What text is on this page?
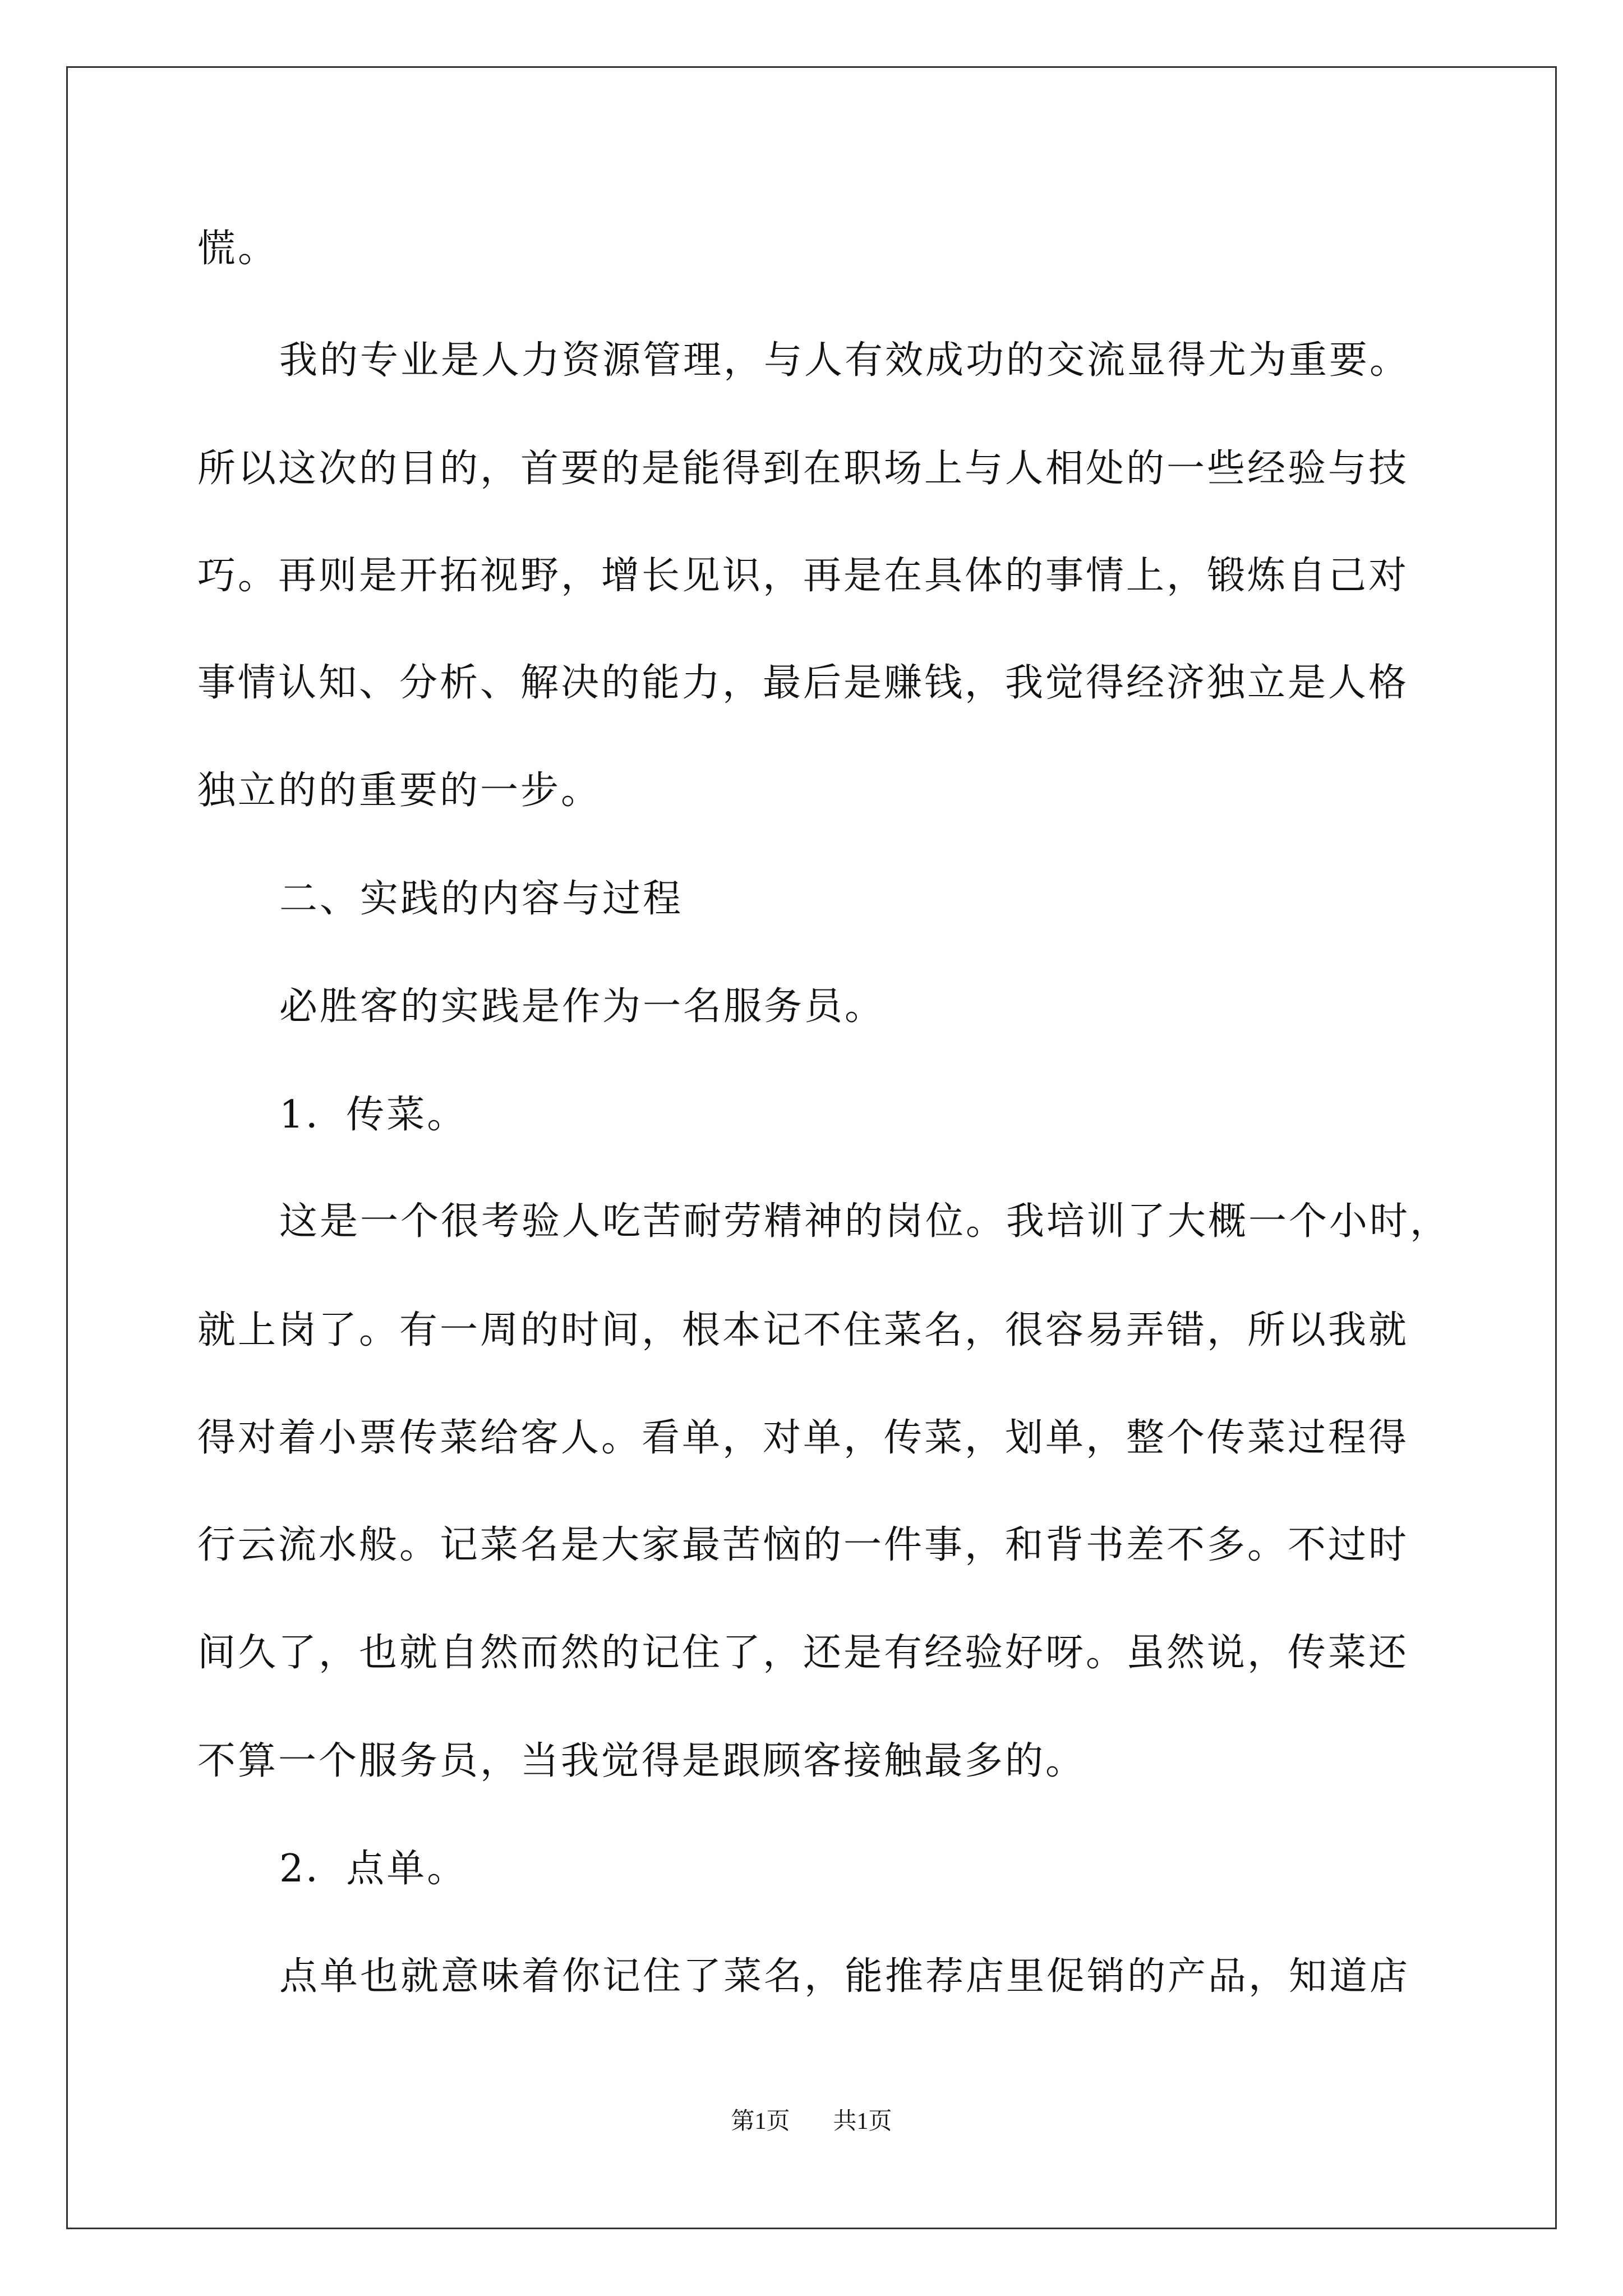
慌。
我的专业是人力资源管理，与人有效成功的交流显得尤为重要。
所以这次的目的，首要的是能得到在职场上与人相处的一些经验与技
巧。再则是开拓视野，增长见识，再是在具体的事情上，锻炼自己对
事情认知、分析、解决的能力，最后是赚钱，我觉得经济独立是人格
独立的的重要的一步。
二、实践的内容与过程
必胜客的实践是作为一名服务员。
1．传菜。
这是一个很考验人吃苦耐劳精神的岗位。我培训了大概一个小时，
就上岗了。有一周的时间，根本记不住菜名，很容易弄错，所以我就
得对着小票传菜给客人。看单，对单，传菜，划单，整个传菜过程得
行云流水般。记菜名是大家最苦恼的一件事，和背书差不多。不过时
间久了，也就自然而然的记住了，还是有经验好呀。虽然说，传菜还
不算一个服务员，当我觉得是跟顾客接触最多的。
2．点单。
点单也就意味着你记住了菜名，能推荐店里促销的产品，知道店
第1页 共1页
